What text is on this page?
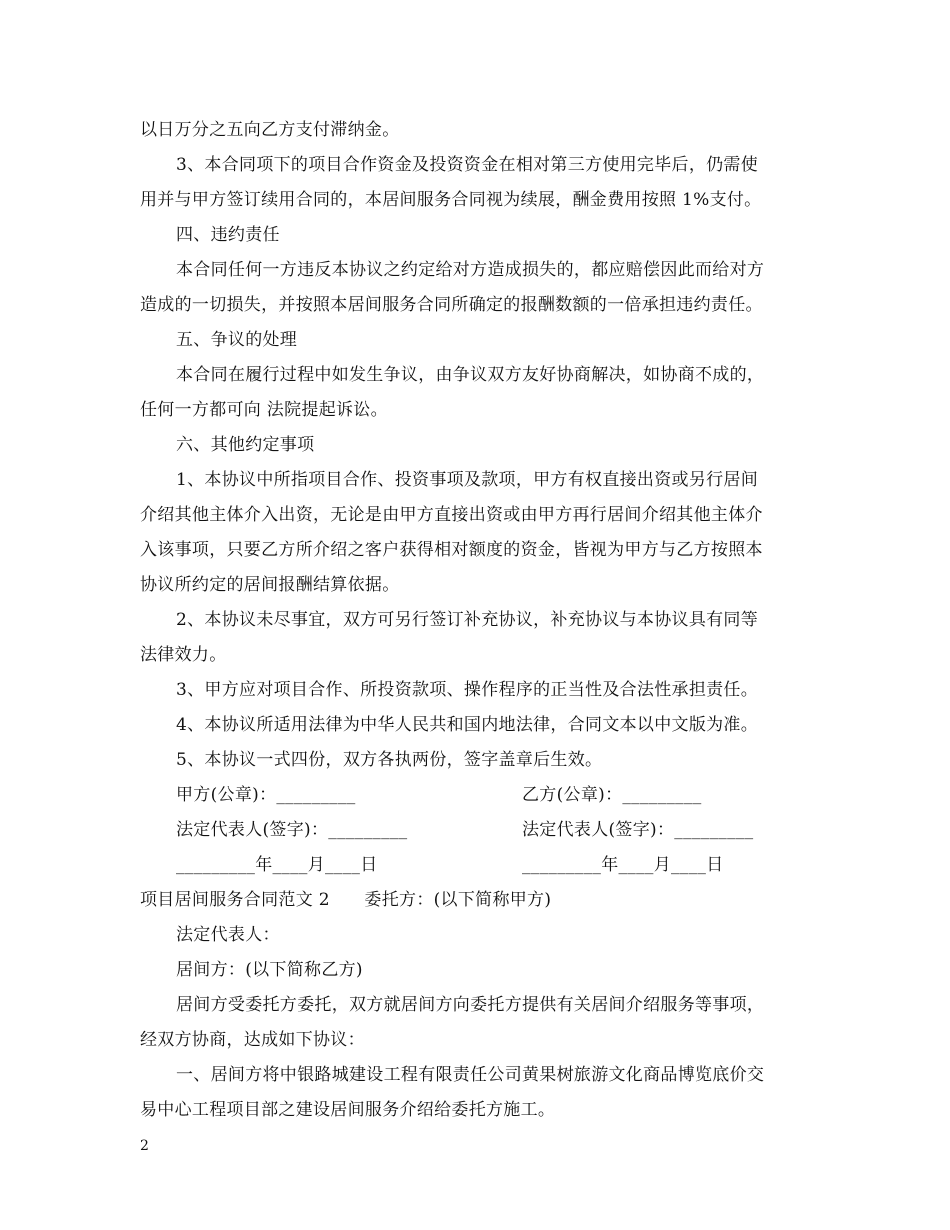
以日万分之五向乙方支付滞纳金。
3、本合同项下的项目合作资金及投资资金在相对第三方使用完毕后，仍需使
用并与甲方签订续用合同的，本居间服务合同视为续展，酬金费用按照 1%支付。
四、违约责任
本合同任何一方违反本协议之约定给对方造成损失的，都应赔偿因此而给对方
造成的一切损失，并按照本居间服务合同所确定的报酬数额的一倍承担违约责任。
五、争议的处理
本合同在履行过程中如发生争议，由争议双方友好协商解决，如协商不成的，
任何一方都可向 法院提起诉讼。
六、其他约定事项
1、本协议中所指项目合作、投资事项及款项，甲方有权直接出资或另行居间
介绍其他主体介入出资，无论是由甲方直接出资或由甲方再行居间介绍其他主体介
入该事项，只要乙方所介绍之客户获得相对额度的资金，皆视为甲方与乙方按照本
协议所约定的居间报酬结算依据。
2、本协议未尽事宜，双方可另行签订补充协议，补充协议与本协议具有同等
法律效力。
3、甲方应对项目合作、所投资款项、操作程序的正当性及合法性承担责任。
4、本协议所适用法律为中华人民共和国内地法律，合同文本以中文版为准。
5、本协议一式四份，双方各执两份，签字盖章后生效。
甲方(公章)：_________	乙方(公章)：_________
法定代表人(签字)：_________	法定代表人(签字)：_________
_________年____月____日	_________年____月____日
项目居间服务合同范文 2　　委托方：(以下简称甲方)
法定代表人：
居间方：(以下简称乙方)
居间方受委托方委托，双方就居间方向委托方提供有关居间介绍服务等事项，
经双方协商，达成如下协议：
一、居间方将中银路城建设工程有限责任公司黄果树旅游文化商品博览底价交
易中心工程项目部之建设居间服务介绍给委托方施工。
2
